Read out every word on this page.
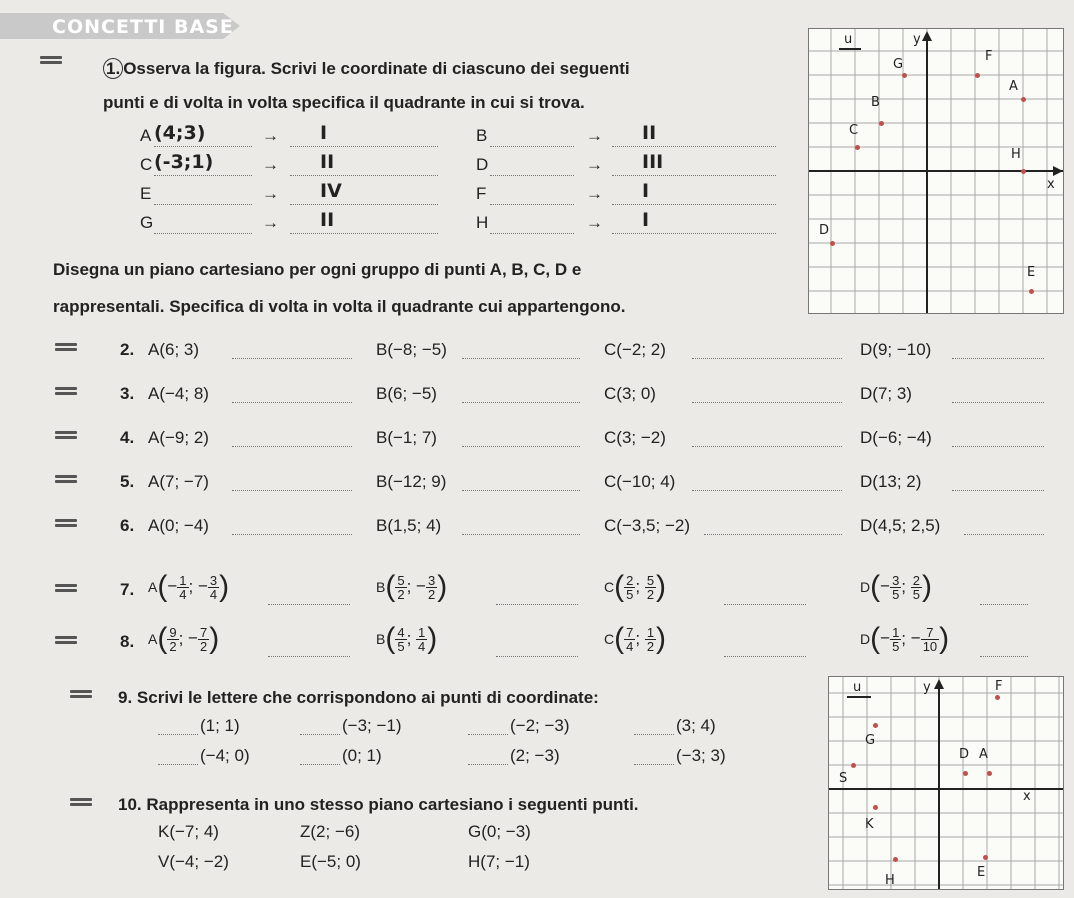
CONCETTI BASE
1. Osserva la figura. Scrivi le coordinate di ciascuno dei seguenti
punti e di volta in volta specifica il quadrante in cui si trova.
A (4;3)	→	I	B	→	II
C (-3;1)	→	II	D	→	III
E	→	IV	F	→	I
G	→	II	H	→	I
Disegna un piano cartesiano per ogni gruppo di punti A, B, C, D e
rappresentali. Specifica di volta in volta il quadrante cui appartengono.
2. A(6; 3)	B(−8; −5)	C(−2; 2)	D(9; −10)
3. A(−4; 8)	B(6; −5)	C(3; 0)	D(7; 3)
4. A(−9; 2)	B(−1; 7)	C(3; −2)	D(−6; −4)
5. A(7; −7)	B(−12; 9)	C(−10; 4)	D(13; 2)
6. A(0; −4)	B(1,5; 4)	C(−3,5; −2)	D(4,5; 2,5)
7. $A(- \frac{1}{4}$ ; − $\frac{3}{4}$ )	$B( \frac{5}{2}$ ; − $\frac{3}{2}$ )	$C( \frac{2}{5}$ ; $\frac{5}{2}$ )	$D(- \frac{3}{5}$ ; $\frac{2}{5}$ )
8. $A( \frac{9}{2}$ ; − $\frac{7}{2}$ )	$B( \frac{4}{5}$ ; $\frac{1}{4}$ )	$C( \frac{7}{4}$ ; $\frac{1}{2}$ )	$D(- \frac{1}{5}$ ; − $\frac{7}{10}$ )
9. Scrivi le lettere che corrispondono ai punti di coordinate:
(1; 1)	(−3; −1)	(−2; −3)	(3; 4)
(−4; 0)	(0; 1)	(2; −3)	(−3; 3)
10. Rappresenta in uno stesso piano cartesiano i seguenti punti.
K(−7; 4)	Z(2; −6)	G(0; −3)
V(−4; −2)	E(−5; 0)	H(7; −1)
u	y
x
G
F
A
B
C
H
D
E
u	y
x
F
G
D A
S
K
H
E
